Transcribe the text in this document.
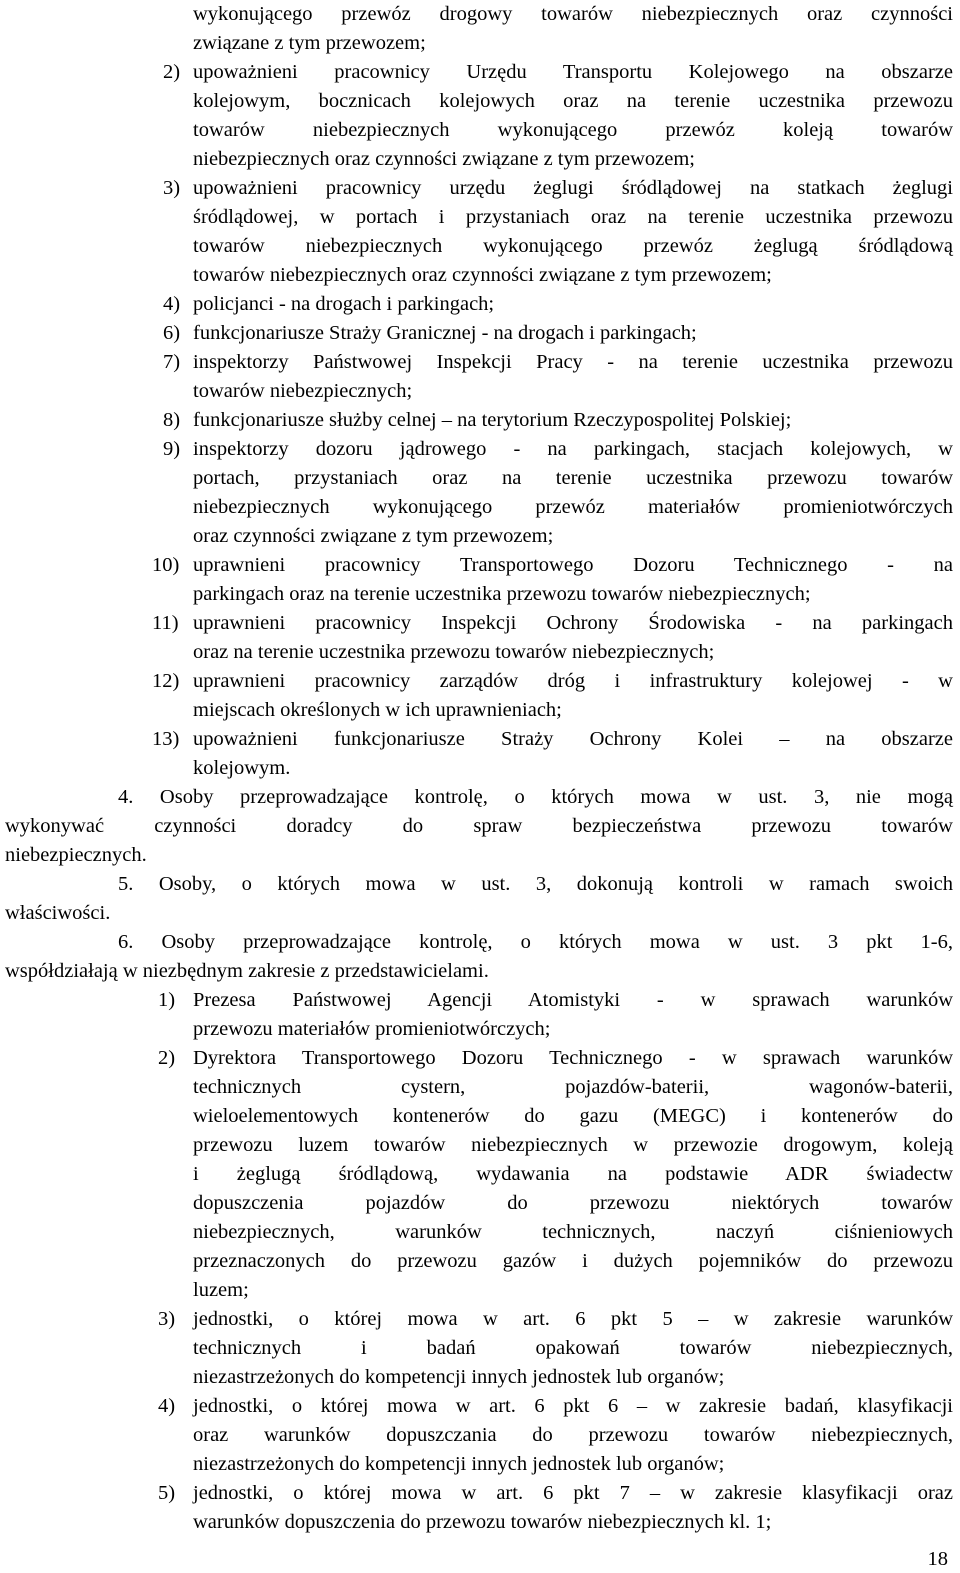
wykonującego przewóz drogowy towarów niebezpiecznych oraz czynności
związane z tym przewozem;
2) upoważnieni pracownicy Urzędu Transportu Kolejowego na obszarze
kolejowym, bocznicach kolejowych oraz na terenie uczestnika przewozu
towarów niebezpiecznych wykonującego przewóz koleją towarów
niebezpiecznych oraz czynności związane z tym przewozem;
3) upoważnieni pracownicy urzędu żeglugi śródlądowej na statkach żeglugi
śródlądowej, w portach i przystaniach oraz na terenie uczestnika przewozu
towarów niebezpiecznych wykonującego przewóz żeglugą śródlądową
towarów niebezpiecznych oraz czynności związane z tym przewozem;
4) policjanci - na drogach i parkingach;
6) funkcjonariusze Straży Granicznej - na drogach i parkingach;
7) inspektorzy Państwowej Inspekcji Pracy - na terenie uczestnika przewozu
towarów niebezpiecznych;
8) funkcjonariusze służby celnej – na terytorium Rzeczypospolitej Polskiej;
9) inspektorzy dozoru jądrowego - na parkingach, stacjach kolejowych, w
portach, przystaniach oraz na terenie uczestnika przewozu towarów
niebezpiecznych wykonującego przewóz materiałów promieniotwórczych
oraz czynności związane z tym przewozem;
10) uprawnieni pracownicy Transportowego Dozoru Technicznego - na
parkingach oraz na terenie uczestnika przewozu towarów niebezpiecznych;
11) uprawnieni pracownicy Inspekcji Ochrony Środowiska - na parkingach
oraz na terenie uczestnika przewozu towarów niebezpiecznych;
12) uprawnieni pracownicy zarządów dróg i infrastruktury kolejowej - w
miejscach określonych w ich uprawnieniach;
13) upoważnieni funkcjonariusze Straży Ochrony Kolei – na obszarze
kolejowym.
4. Osoby przeprowadzające kontrolę, o których mowa w ust. 3, nie mogą
wykonywać czynności doradcy do spraw bezpieczeństwa przewozu towarów
niebezpiecznych.
5. Osoby, o których mowa w ust. 3, dokonują kontroli w ramach swoich
właściwości.
6. Osoby przeprowadzające kontrolę, o których mowa w ust. 3 pkt 1-6,
współdziałają w niezbędnym zakresie z przedstawicielami.
1) Prezesa Państwowej Agencji Atomistyki - w sprawach warunków
przewozu materiałów promieniotwórczych;
2) Dyrektora Transportowego Dozoru Technicznego - w sprawach warunków
technicznych cystern, pojazdów-baterii, wagonów-baterii,
wieloelementowych kontenerów do gazu (MEGC) i kontenerów do
przewozu luzem towarów niebezpiecznych w przewozie drogowym, koleją
i żeglugą śródlądową, wydawania na podstawie ADR świadectw
dopuszczenia pojazdów do przewozu niektórych towarów
niebezpiecznych, warunków technicznych, naczyń ciśnieniowych
przeznaczonych do przewozu gazów i dużych pojemników do przewozu
luzem;
3) jednostki, o której mowa w art. 6 pkt 5 – w zakresie warunków
technicznych i badań opakowań towarów niebezpiecznych,
niezastrzeżonych do kompetencji innych jednostek lub organów;
4) jednostki, o której mowa w art. 6 pkt 6 – w zakresie badań, klasyfikacji
oraz warunków dopuszczania do przewozu towarów niebezpiecznych,
niezastrzeżonych do kompetencji innych jednostek lub organów;
5) jednostki, o której mowa w art. 6 pkt 7 – w zakresie klasyfikacji oraz
warunków dopuszczenia do przewozu towarów niebezpiecznych kl. 1;
18
